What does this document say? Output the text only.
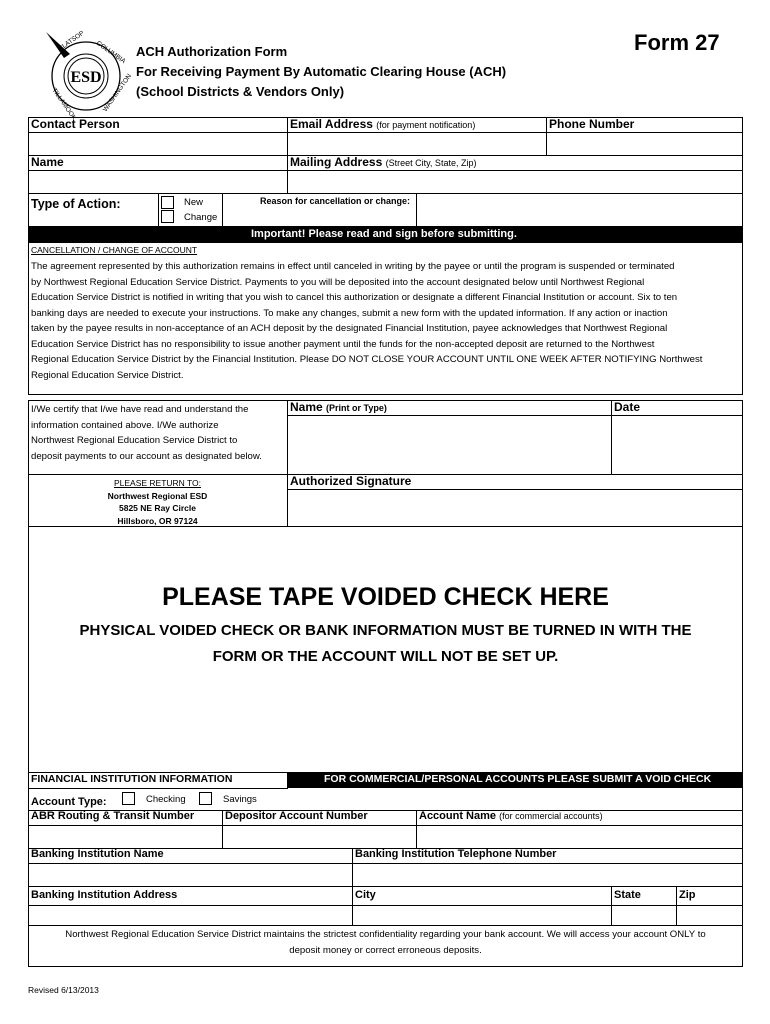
ESD
CLATSOP COLUMBIA
TILLAMOOK	WASHINGTON
ACH Authorization Form
For Receiving Payment By Automatic Clearing House (ACH)
(School Districts & Vendors Only)
Form 27
Contact Person	Email Address (for payment notification)	Phone Number
Name	Mailing Address (Street City, State, Zip)
Type of Action:	New
Change
Reason for cancellation or change:
Important! Please read and sign before submitting.
CANCELLATION / CHANGE OF ACCOUNT
The agreement represented by this authorization remains in effect until canceled in writing by the payee or until the program is suspended or terminated
by Northwest Regional Education Service District. Payments to you will be deposited into the account designated below until Northwest Regional
Education Service District is notified in writing that you wish to cancel this authorization or designate a different Financial Institution or account. Six to ten
banking days are needed to execute your instructions. To make any changes, submit a new form with the updated information. If any action or inaction
taken by the payee results in non-acceptance of an ACH deposit by the designated Financial Institution, payee acknowledges that Northwest Regional
Education Service District has no responsibility to issue another payment until the funds for the non-accepted deposit are returned to the Northwest
Regional Education Service District by the Financial Institution. Please DO NOT CLOSE YOUR ACCOUNT UNTIL ONE WEEK AFTER NOTIFYING Northwest
Regional Education Service District.
I/We certify that I/we have read and understand the
information contained above. I/We authorize
Northwest Regional Education Service District to
deposit payments to our account as designated below.
Name (Print or Type)	Date
PLEASE RETURN TO:
Northwest Regional ESD
5825 NE Ray Circle
Hillsboro, OR 97124
Authorized Signature
PLEASE TAPE VOIDED CHECK HERE
PHYSICAL VOIDED CHECK OR BANK INFORMATION MUST BE TURNED IN WITH THE
FORM OR THE ACCOUNT WILL NOT BE SET UP.
FOR COMMERCIAL/PERSONAL ACCOUNTS PLEASE SUBMIT A VOID CHECK
FINANCIAL INSTITUTION INFORMATION
Account Type:	Checking	Savings
ABR Routing & Transit Number	Depositor Account Number	Account Name (for commercial accounts)
Banking Institution Name	Banking Institution Telephone Number
Banking Institution Address	City	State	Zip
Northwest Regional Education Service District maintains the strictest confidentiality regarding your bank account. We will access your account ONLY to
deposit money or correct erroneous deposits.
Revised 6/13/2013
